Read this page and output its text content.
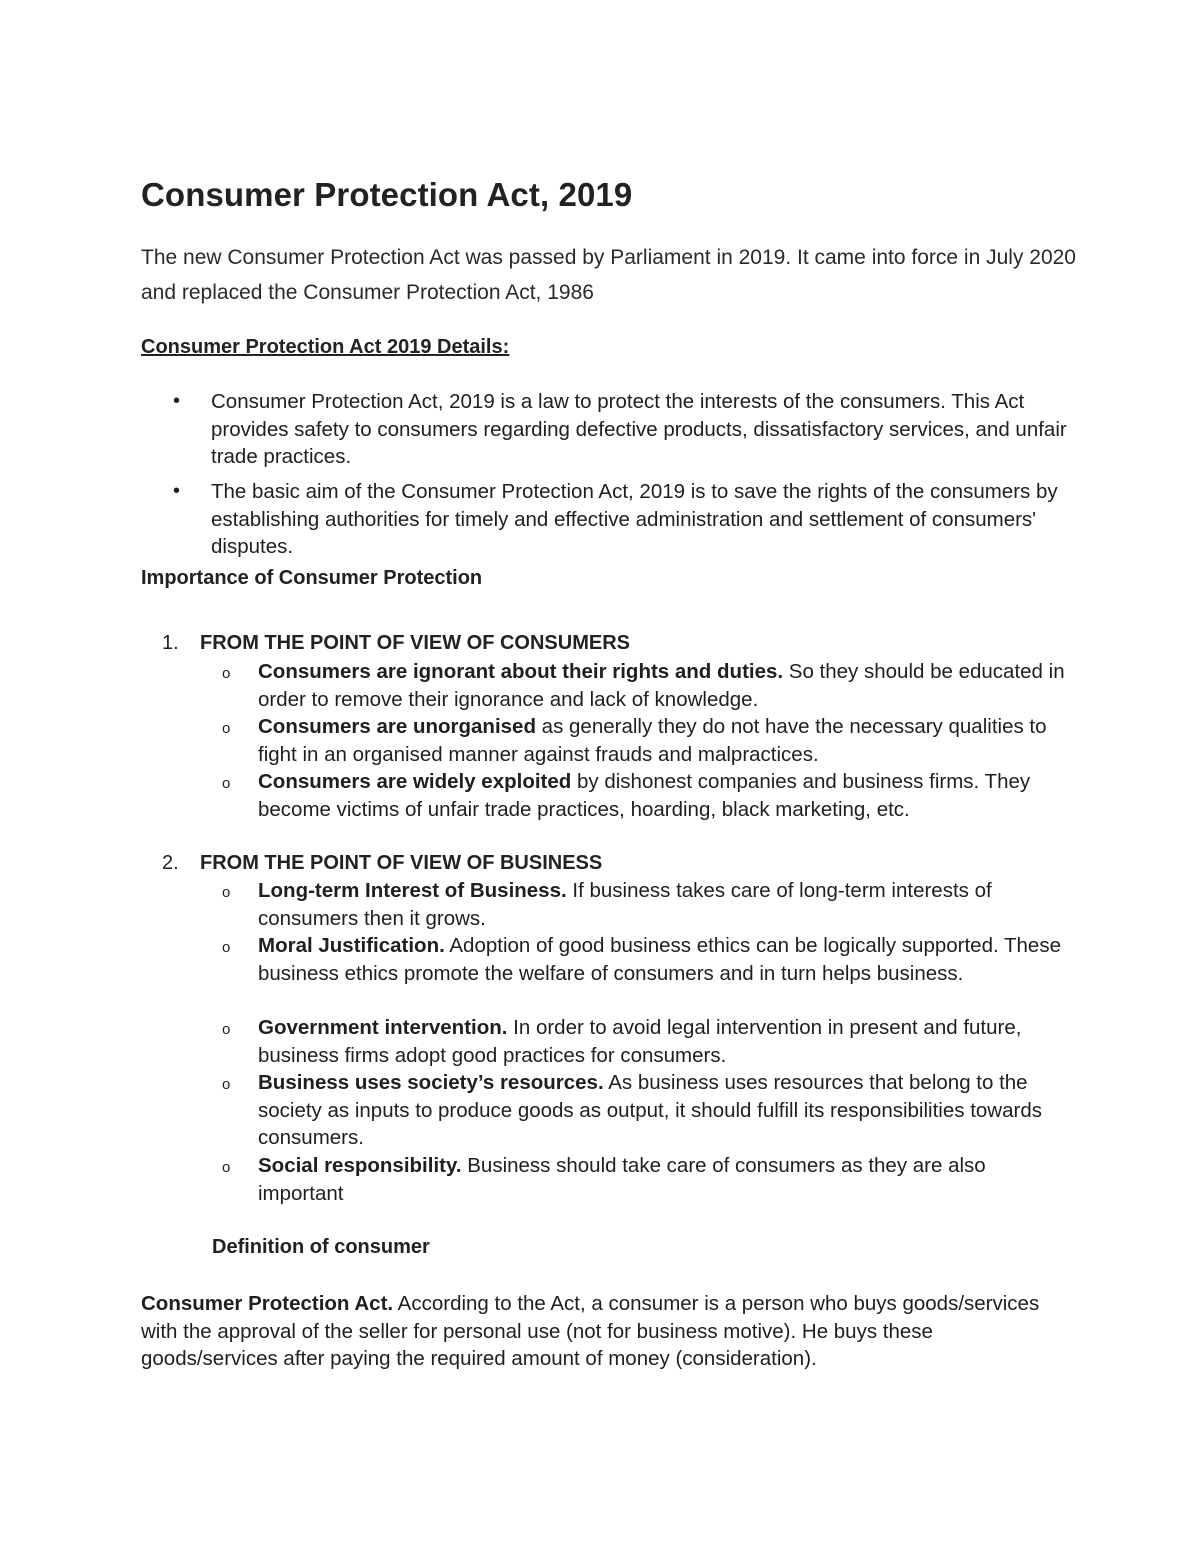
Consumer Protection Act, 2019
The new Consumer Protection Act was passed by Parliament in 2019. It came into force in July 2020 and replaced the Consumer Protection Act, 1986
Consumer Protection Act 2019 Details:
• Consumer Protection Act, 2019 is a law to protect the interests of the consumers. This Act provides safety to consumers regarding defective products, dissatisfactory services, and unfair trade practices.
• The basic aim of the Consumer Protection Act, 2019 is to save the rights of the consumers by establishing authorities for timely and effective administration and settlement of consumers' disputes.
Importance of Consumer Protection
1. FROM THE POINT OF VIEW OF CONSUMERS
o Consumers are ignorant about their rights and duties. So they should be educated in order to remove their ignorance and lack of knowledge.
o Consumers are unorganised as generally they do not have the necessary qualities to fight in an organised manner against frauds and malpractices.
o Consumers are widely exploited by dishonest companies and business firms. They become victims of unfair trade practices, hoarding, black marketing, etc.
2. FROM THE POINT OF VIEW OF BUSINESS
o Long-term Interest of Business. If business takes care of long-term interests of consumers then it grows.
o Moral Justification. Adoption of good business ethics can be logically supported. These business ethics promote the welfare of consumers and in turn helps business.
o Government intervention. In order to avoid legal intervention in present and future, business firms adopt good practices for consumers.
o Business uses society’s resources. As business uses resources that belong to the society as inputs to produce goods as output, it should fulfill its responsibilities towards consumers.
o Social responsibility. Business should take care of consumers as they are also important
Definition of consumer
Consumer Protection Act. According to the Act, a consumer is a person who buys goods/services with the approval of the seller for personal use (not for business motive). He buys these goods/services after paying the required amount of money (consideration).
